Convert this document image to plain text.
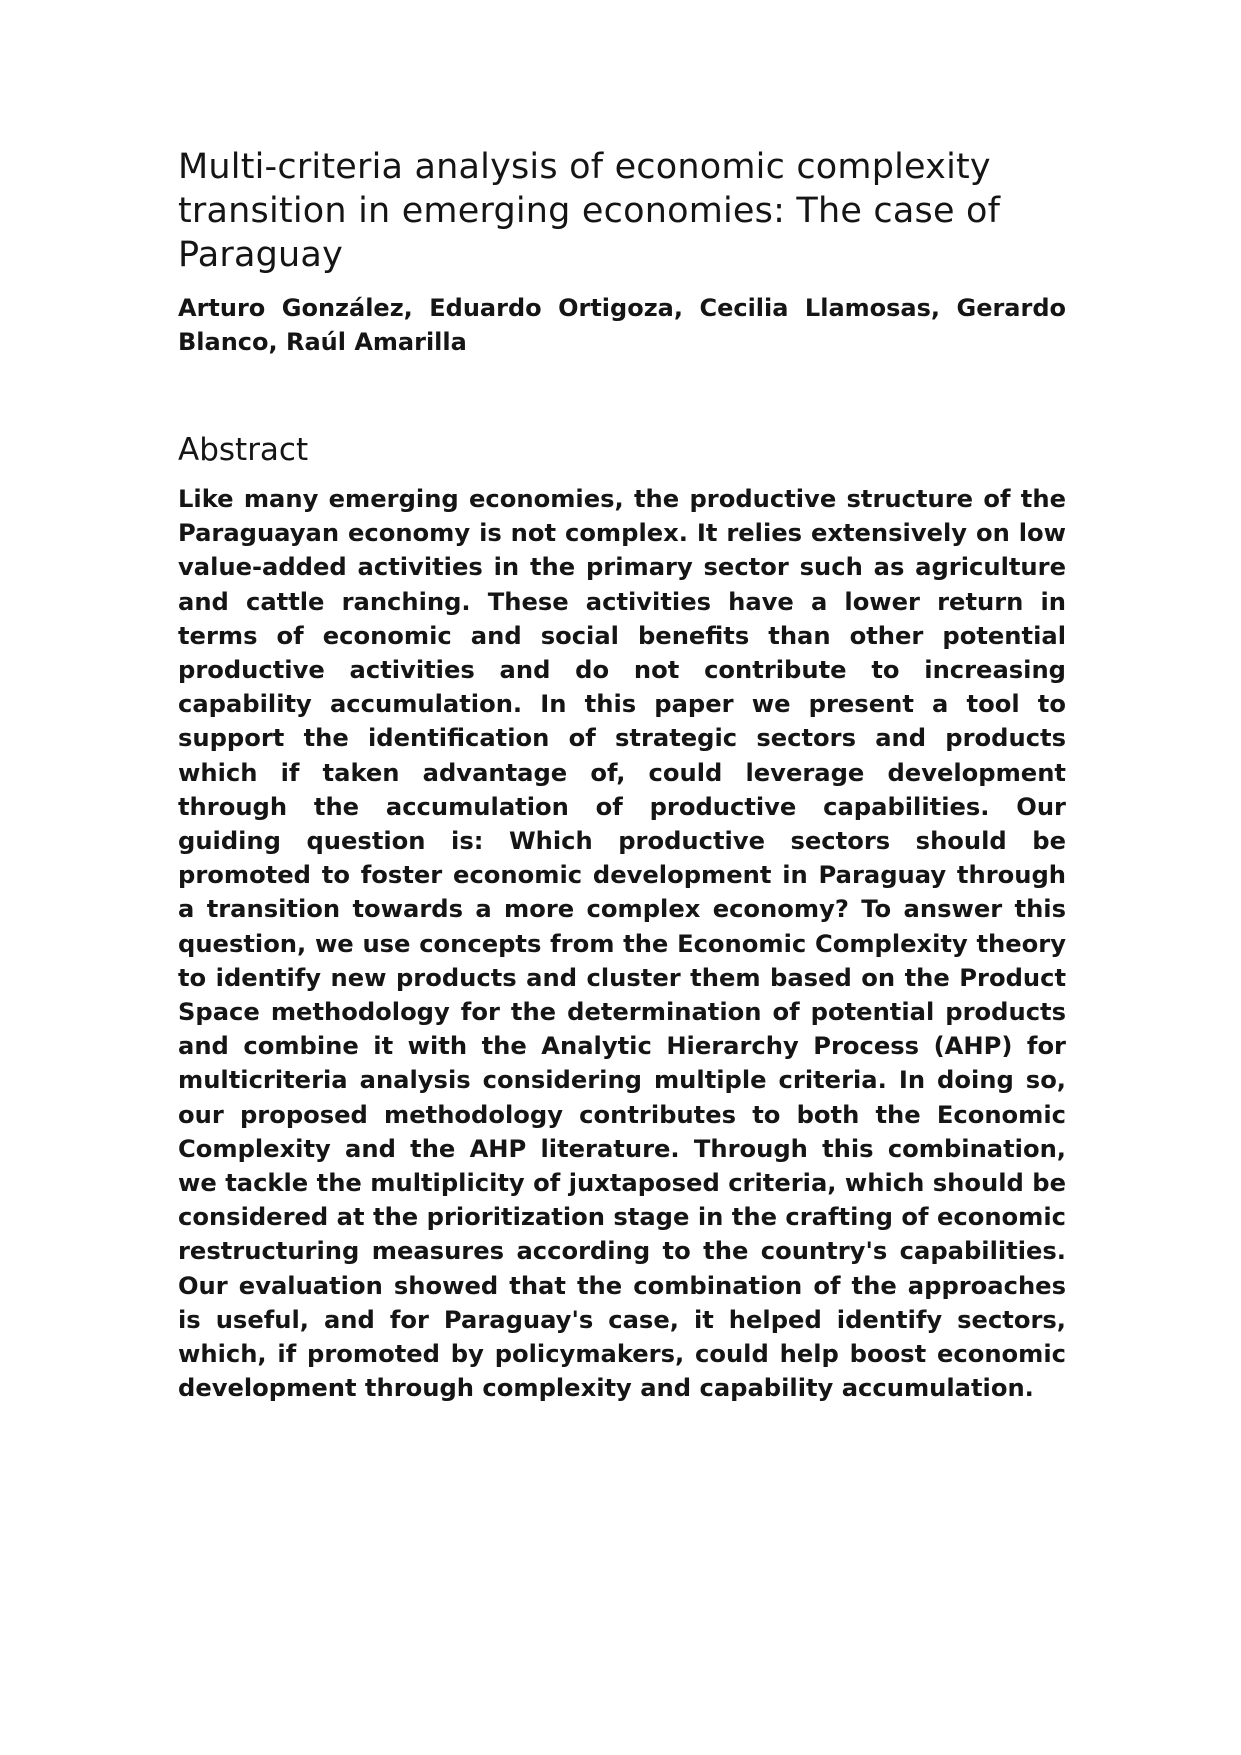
Multi-criteria analysis of economic complexity transition in emerging economies: The case of Paraguay

Arturo González, Eduardo Ortigoza, Cecilia Llamosas, Gerardo Blanco, Raúl Amarilla

Abstract

Like many emerging economies, the productive structure of the Paraguayan economy is not complex. It relies extensively on low value-added activities in the primary sector such as agriculture and cattle ranching. These activities have a lower return in terms of economic and social benefits than other potential productive activities and do not contribute to increasing capability accumulation. In this paper we present a tool to support the identification of strategic sectors and products which if taken advantage of, could leverage development through the accumulation of productive capabilities. Our guiding question is: Which productive sectors should be promoted to foster economic development in Paraguay through a transition towards a more complex economy? To answer this question, we use concepts from the Economic Complexity theory to identify new products and cluster them based on the Product Space methodology for the determination of potential products and combine it with the Analytic Hierarchy Process (AHP) for multicriteria analysis considering multiple criteria. In doing so, our proposed methodology contributes to both the Economic Complexity and the AHP literature. Through this combination, we tackle the multiplicity of juxtaposed criteria, which should be considered at the prioritization stage in the crafting of economic restructuring measures according to the country's capabilities. Our evaluation showed that the combination of the approaches is useful, and for Paraguay's case, it helped identify sectors, which, if promoted by policymakers, could help boost economic development through complexity and capability accumulation.
